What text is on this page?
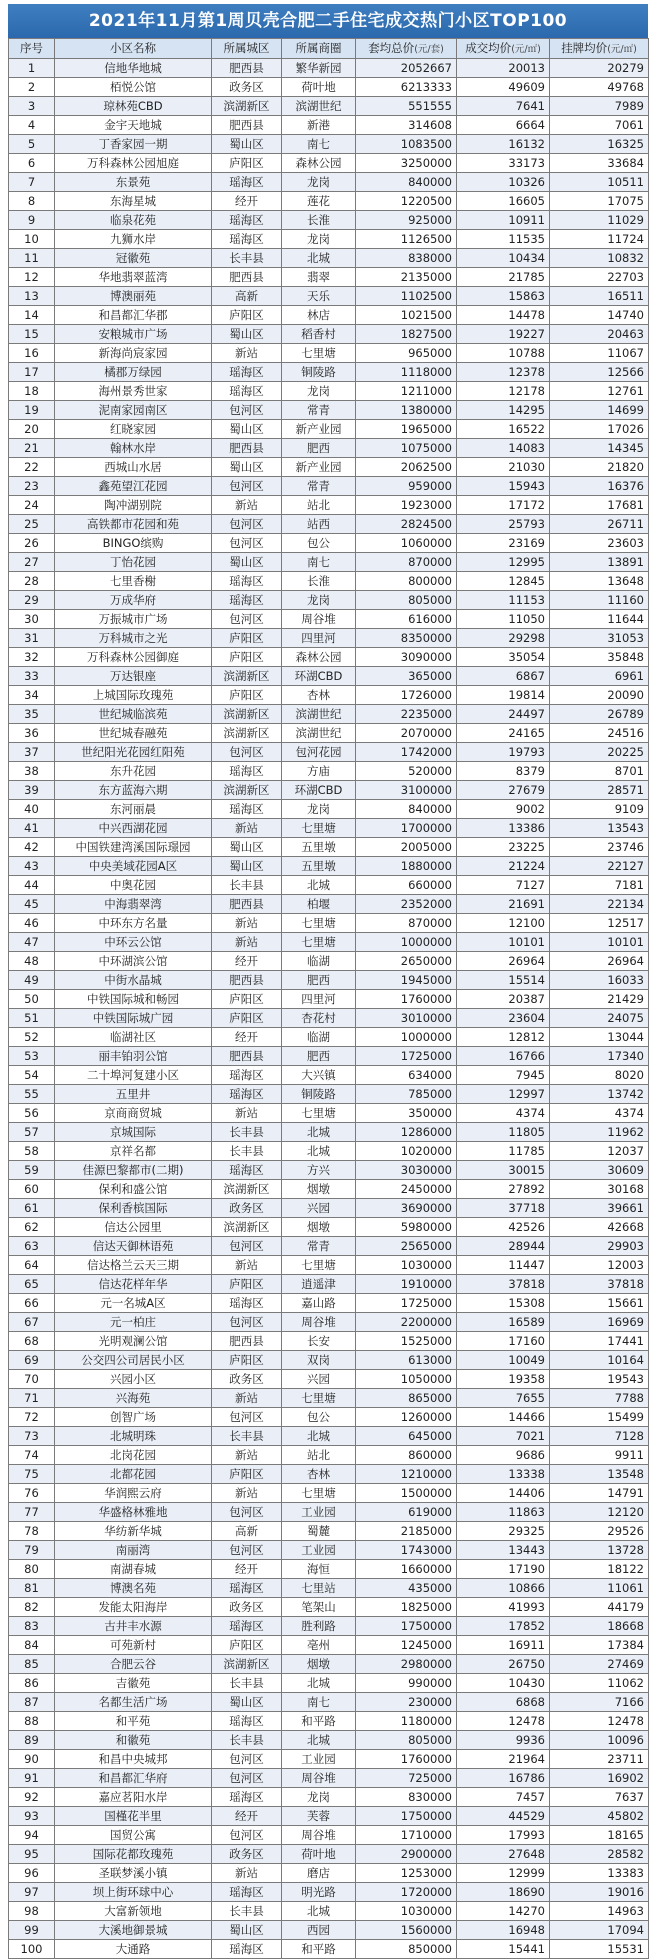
2021年11月第1周贝壳合肥二手住宅成交热门小区TOP100
序号	小区名称	所属城区	所属商圈	套均总价(元/套)	成交均价(元/㎡)	挂牌均价(元/㎡)
1	信地华地城	肥西县	繁华新园	2052667	20013	20279
2	栢悦公馆	政务区	荷叶地	6213333	49609	49768
3	琼林苑CBD	滨湖新区	滨湖世纪	551555	7641	7989
4	金宇天地城	肥西县	新港	314608	6664	7061
5	丁香家园一期	蜀山区	南七	1083500	16132	16325
6	万科森林公园旭庭	庐阳区	森林公园	3250000	33173	33684
7	东景苑	瑶海区	龙岗	840000	10326	10511
8	东海星城	经开	莲花	1220500	16605	17075
9	临泉花苑	瑶海区	长淮	925000	10911	11029
10	九狮水岸	瑶海区	龙岗	1126500	11535	11724
11	冠徽苑	长丰县	北城	838000	10434	10832
12	华地翡翠蓝湾	肥西县	翡翠	2135000	21785	22703
13	博澳丽苑	高新	天乐	1102500	15863	16511
14	和昌都汇华郡	庐阳区	林店	1021500	14478	14740
15	安粮城市广场	蜀山区	稻香村	1827500	19227	20463
16	新海尚宸家园	新站	七里塘	965000	10788	11067
17	橘郡万绿园	瑶海区	铜陵路	1118000	12378	12566
18	海州景秀世家	瑶海区	龙岗	1211000	12178	12761
19	泥南家园南区	包河区	常青	1380000	14295	14699
20	红晓家园	蜀山区	新产业园	1965000	16522	17026
21	翰林水岸	肥西县	肥西	1075000	14083	14345
22	西城山水居	蜀山区	新产业园	2062500	21030	21820
23	鑫苑望江花园	包河区	常青	959000	15943	16376
24	陶冲湖别院	新站	站北	1923000	17172	17681
25	高铁都市花园和苑	包河区	站西	2824500	25793	26711
26	BINGO缤购	包河区	包公	1060000	23169	23603
27	丁怡花园	蜀山区	南七	870000	12995	13891
28	七里香榭	瑶海区	长淮	800000	12845	13648
29	万成华府	瑶海区	龙岗	805000	11153	11160
30	万振城市广场	包河区	周谷堆	616000	11050	11644
31	万科城市之光	庐阳区	四里河	8350000	29298	31053
32	万科森林公园御庭	庐阳区	森林公园	3090000	35054	35848
33	万达银座	滨湖新区	环湖CBD	365000	6867	6961
34	上城国际玫瑰苑	庐阳区	杏林	1726000	19814	20090
35	世纪城临滨苑	滨湖新区	滨湖世纪	2235000	24497	26789
36	世纪城春融苑	滨湖新区	滨湖世纪	2070000	24165	24516
37	世纪阳光花园红阳苑	包河区	包河花园	1742000	19793	20225
38	东升花园	瑶海区	方庙	520000	8379	8701
39	东方蓝海六期	滨湖新区	环湖CBD	3100000	27679	28571
40	东河丽晨	瑶海区	龙岗	840000	9002	9109
41	中兴西湖花园	新站	七里塘	1700000	13386	13543
42	中国铁建湾溪国际璟园	蜀山区	五里墩	2005000	23225	23746
43	中央美域花园A区	蜀山区	五里墩	1880000	21224	22127
44	中奥花园	长丰县	北城	660000	7127	7181
45	中海翡翠湾	肥西县	柏堰	2352000	21691	22134
46	中环东方名量	新站	七里塘	870000	12100	12517
47	中环云公馆	新站	七里塘	1000000	10101	10101
48	中环湖滨公馆	经开	临湖	2650000	26964	26964
49	中街水晶城	肥西县	肥西	1945000	15514	16033
50	中铁国际城和畅园	庐阳区	四里河	1760000	20387	21429
51	中铁国际城广园	庐阳区	杏花村	3010000	23604	24075
52	临湖社区	经开	临湖	1000000	12812	13044
53	丽丰铂羽公馆	肥西县	肥西	1725000	16766	17340
54	二十埠河复建小区	瑶海区	大兴镇	634000	7945	8020
55	五里井	瑶海区	铜陵路	785000	12997	13742
56	京商商贸城	新站	七里塘	350000	4374	4374
57	京城国际	长丰县	北城	1286000	11805	11962
58	京祥名都	长丰县	北城	1020000	11785	12037
59	佳源巴黎都市(二期)	瑶海区	方兴	3030000	30015	30609
60	保利和盛公馆	滨湖新区	烟墩	2450000	27892	30168
61	保利香槟国际	政务区	兴园	3690000	37718	39661
62	信达公园里	滨湖新区	烟墩	5980000	42526	42668
63	信达天御林语苑	包河区	常青	2565000	28944	29903
64	信达格兰云天三期	新站	七里塘	1030000	11447	12003
65	信达花样年华	庐阳区	逍遥津	1910000	37818	37818
66	元一名城A区	瑶海区	嘉山路	1725000	15308	15661
67	元一柏庄	包河区	周谷堆	2200000	16589	16969
68	光明观澜公馆	肥西县	长安	1525000	17160	17441
69	公交四公司居民小区	庐阳区	双岗	613000	10049	10164
70	兴园小区	政务区	兴园	1050000	19358	19543
71	兴海苑	新站	七里塘	865000	7655	7788
72	创智广场	包河区	包公	1260000	14466	15499
73	北城明珠	长丰县	北城	645000	7021	7128
74	北岗花园	新站	站北	860000	9686	9911
75	北都花园	庐阳区	杏林	1210000	13338	13548
76	华润熙云府	新站	七里塘	1500000	14406	14791
77	华盛格林雅地	包河区	工业园	619000	11863	12120
78	华纺新华城	高新	蜀麓	2185000	29325	29526
79	南丽湾	包河区	工业园	1743000	13443	13728
80	南湖春城	经开	海恒	1660000	17190	18122
81	博澳名苑	瑶海区	七里站	435000	10866	11061
82	发能太阳海岸	政务区	笔架山	1825000	41993	44179
83	古井丰水源	瑶海区	胜利路	1750000	17852	18668
84	可苑新村	庐阳区	亳州	1245000	16911	17384
85	合肥云谷	滨湖新区	烟墩	2980000	26750	27469
86	吉徽苑	长丰县	北城	990000	10430	11062
87	名都生活广场	蜀山区	南七	230000	6868	7166
88	和平苑	瑶海区	和平路	1180000	12478	12478
89	和徽苑	长丰县	北城	805000	9936	10096
90	和昌中央城邦	包河区	工业园	1760000	21964	23711
91	和昌都汇华府	包河区	周谷堆	725000	16786	16902
92	嘉应茗阳水岸	瑶海区	龙岗	830000	7457	7637
93	国槿花半里	经开	芙蓉	1750000	44529	45802
94	国贸公寓	包河区	周谷堆	1710000	17993	18165
95	国际花都玫瑰苑	政务区	荷叶地	2900000	27648	28582
96	圣联梦溪小镇	新站	磨店	1253000	12999	13383
97	坝上街环球中心	瑶海区	明光路	1720000	18690	19016
98	大富新领地	长丰县	北城	1030000	14270	14963
99	大溪地御景城	蜀山区	西园	1560000	16948	17094
100	大通路	瑶海区	和平路	850000	15441	15531
